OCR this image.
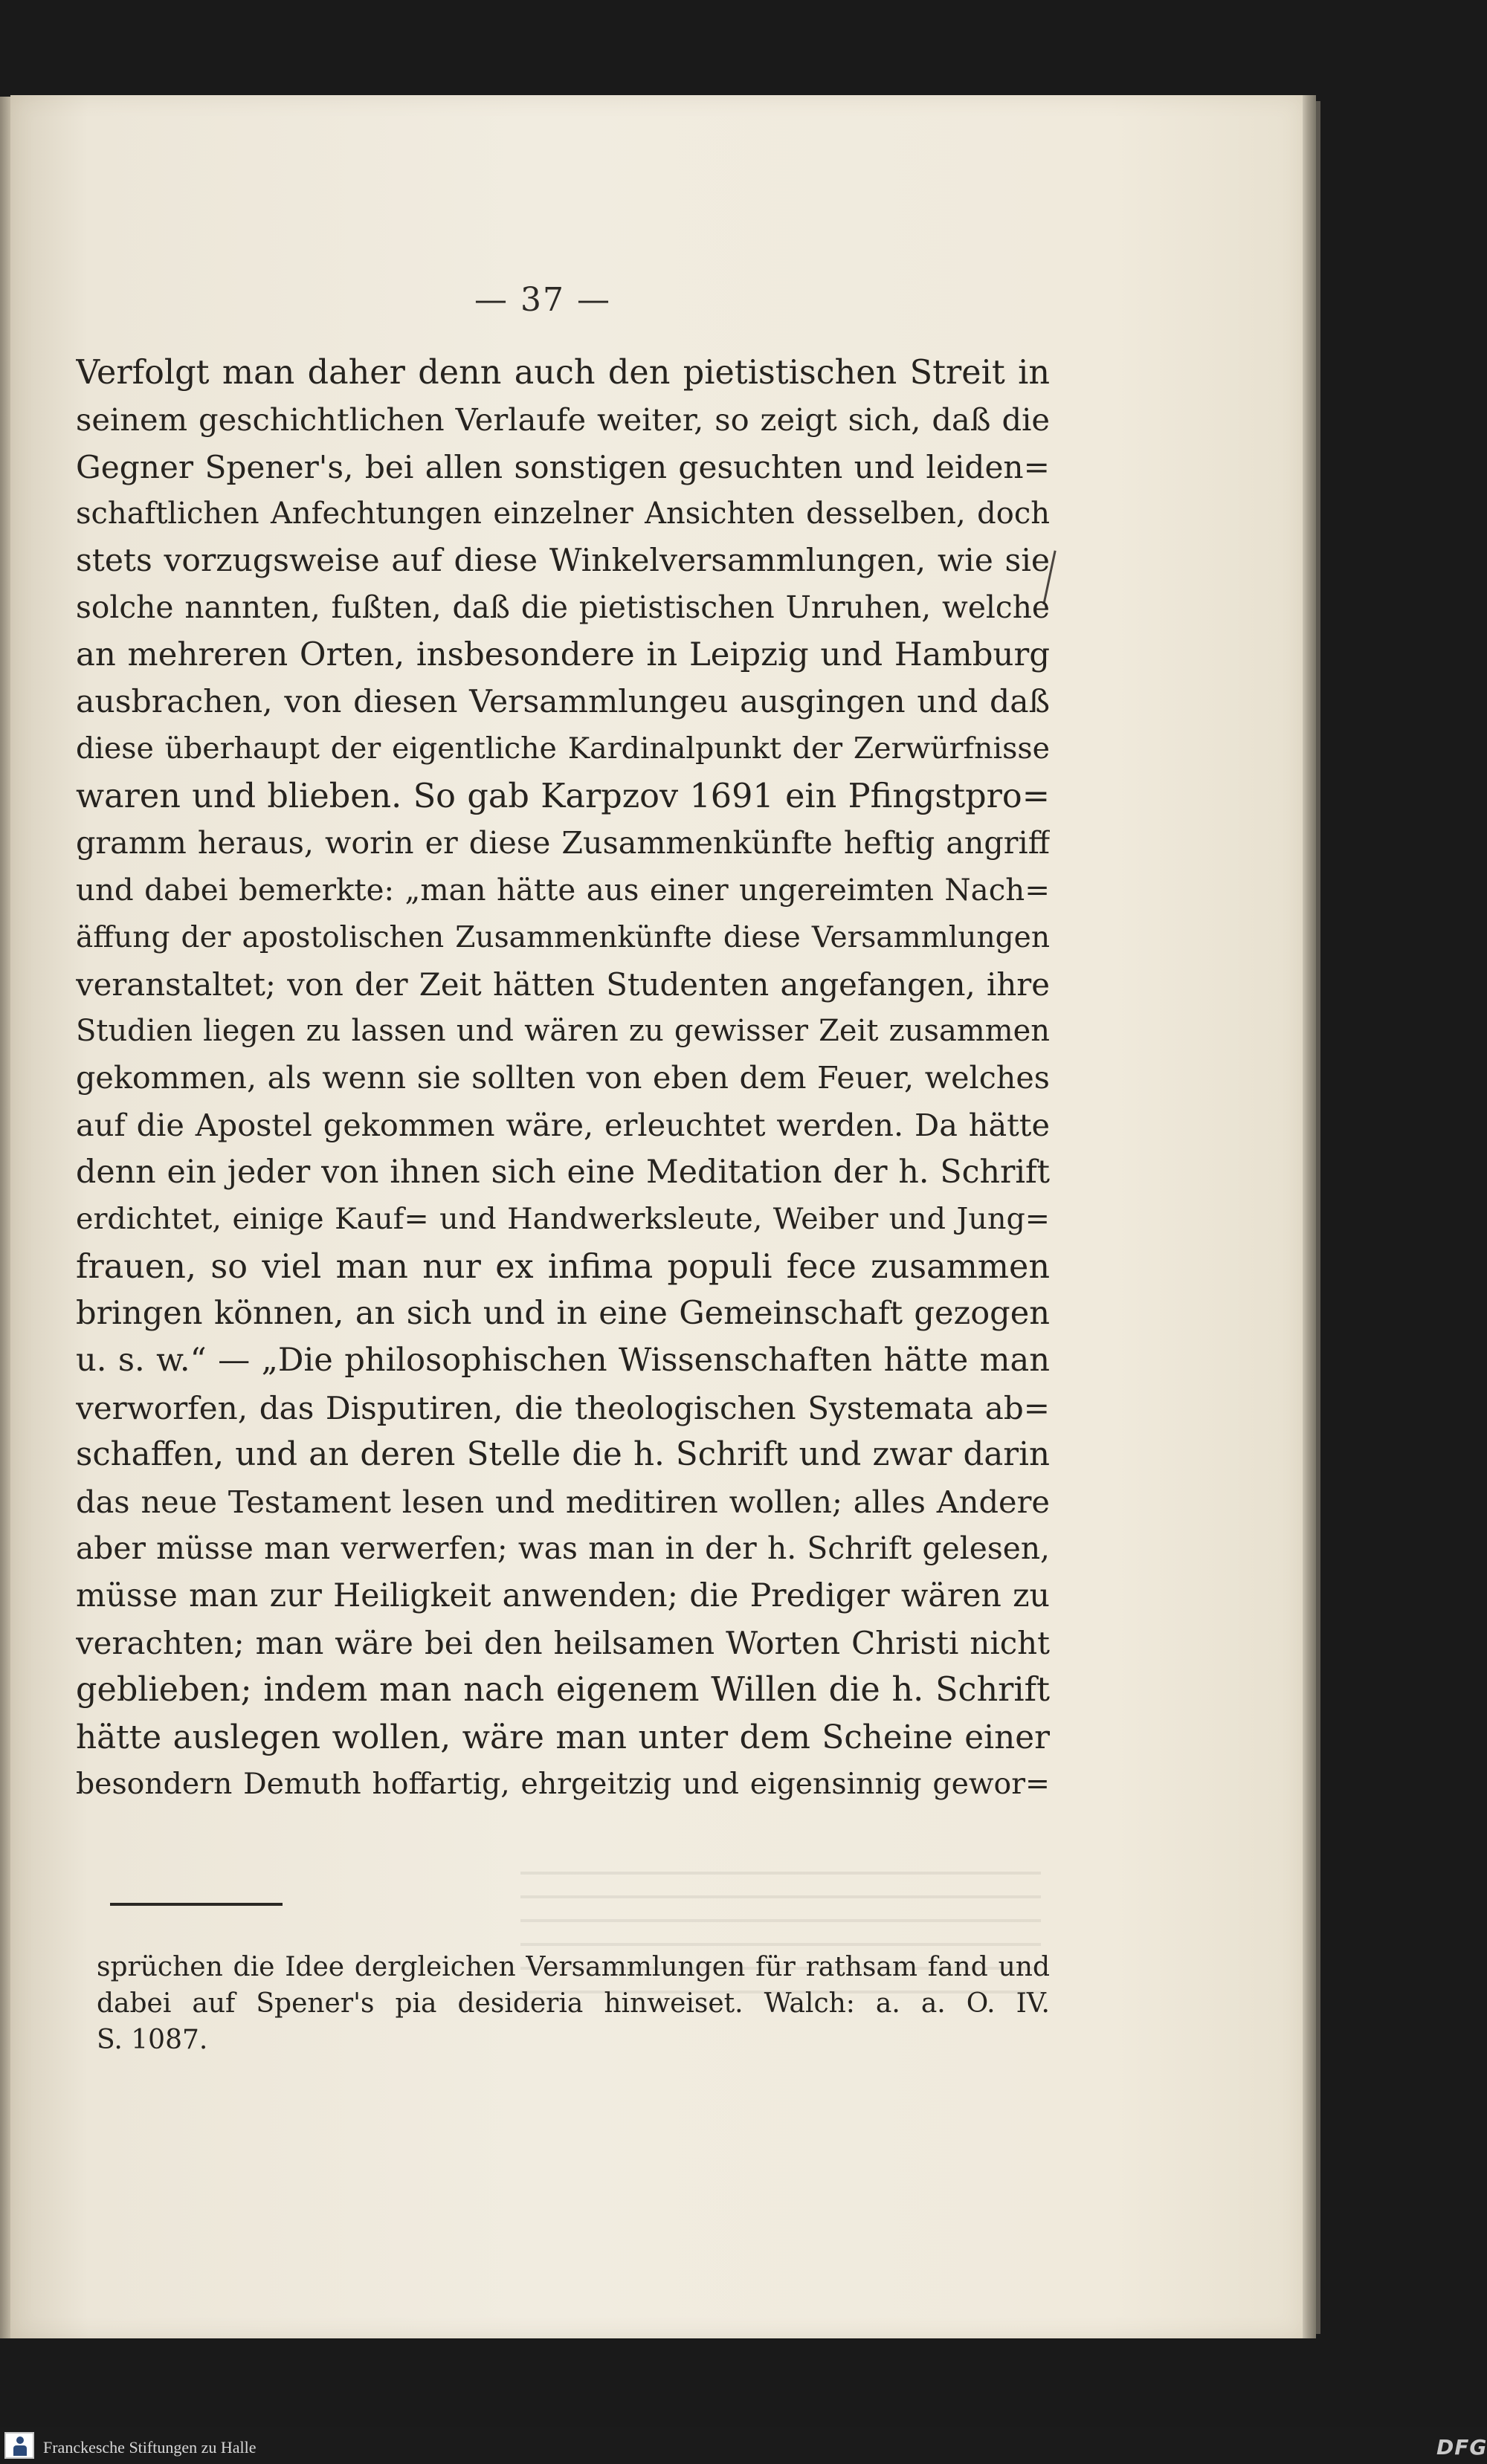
— 37 —
Verfolgt man daher denn auch den pietistischen Streit in
seinem geschichtlichen Verlaufe weiter, so zeigt sich, daß die
Gegner Spener's, bei allen sonstigen gesuchten und leiden=
schaftlichen Anfechtungen einzelner Ansichten desselben, doch
stets vorzugsweise auf diese Winkelversammlungen, wie sie
solche nannten, fußten, daß die pietistischen Unruhen, welche
an mehreren Orten, insbesondere in Leipzig und Hamburg
ausbrachen, von diesen Versammlungeu ausgingen und daß
diese überhaupt der eigentliche Kardinalpunkt der Zerwürfnisse
waren und blieben. So gab Karpzov 1691 ein Pfingstpro=
gramm heraus, worin er diese Zusammenkünfte heftig angriff
und dabei bemerkte: „man hätte aus einer ungereimten Nach=
äffung der apostolischen Zusammenkünfte diese Versammlungen
veranstaltet; von der Zeit hätten Studenten angefangen, ihre
Studien liegen zu lassen und wären zu gewisser Zeit zusammen
gekommen, als wenn sie sollten von eben dem Feuer, welches
auf die Apostel gekommen wäre, erleuchtet werden. Da hätte
denn ein jeder von ihnen sich eine Meditation der h. Schrift
erdichtet, einige Kauf= und Handwerksleute, Weiber und Jung=
frauen, so viel man nur ex infima populi fece zusammen
bringen können, an sich und in eine Gemeinschaft gezogen
u. s. w.“ — „Die philosophischen Wissenschaften hätte man
verworfen, das Disputiren, die theologischen Systemata ab=
schaffen, und an deren Stelle die h. Schrift und zwar darin
das neue Testament lesen und meditiren wollen; alles Andere
aber müsse man verwerfen; was man in der h. Schrift gelesen,
müsse man zur Heiligkeit anwenden; die Prediger wären zu
verachten; man wäre bei den heilsamen Worten Christi nicht
geblieben; indem man nach eigenem Willen die h. Schrift
hätte auslegen wollen, wäre man unter dem Scheine einer
besondern Demuth hoffartig, ehrgeitzig und eigensinnig gewor=
sprüchen die Idee dergleichen Versammlungen für rathsam fand und
dabei auf Spener's pia desideria hinweiset. Walch: a. a. O. IV.
S. 1087.
Franckesche Stiftungen zu Halle	DFG
